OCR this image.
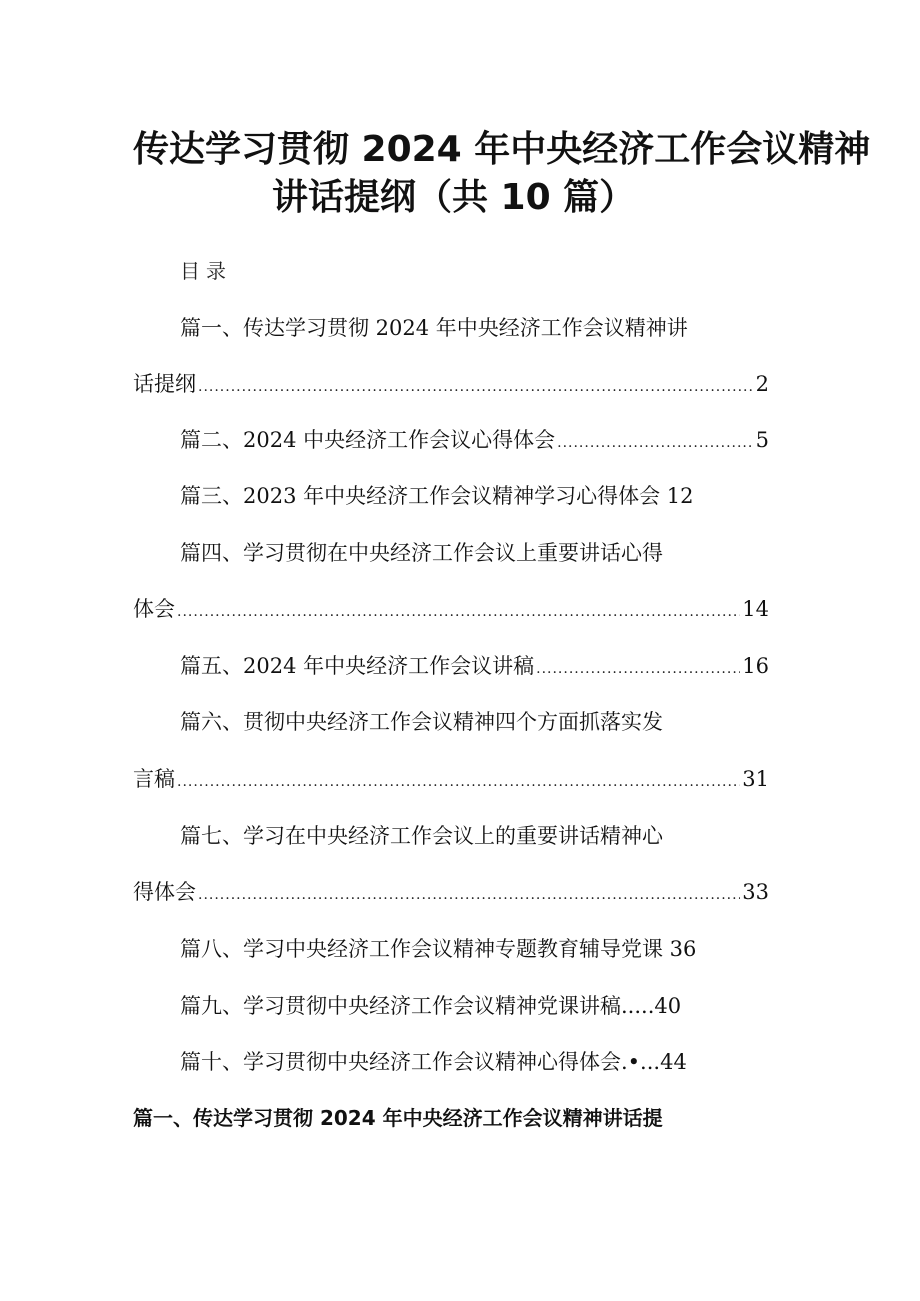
传达学习贯彻 2024 年中央经济工作会议精神
讲话提纲（共 10 篇）
目录
篇一、传达学习贯彻 2024 年中央经济工作会议精神讲
话提纲 .....	2
篇二、2024 中央经济工作会议心得体会 .....	5
篇三、2023 年中央经济工作会议精神学习心得体会 12
篇四、学习贯彻在中央经济工作会议上重要讲话心得
体会 .....	14
篇五、2024 年中央经济工作会议讲稿 .....	16
篇六、贯彻中央经济工作会议精神四个方面抓落实发
言稿 .....	31
篇七、学习在中央经济工作会议上的重要讲话精神心
得体会 .....	33
篇八、学习中央经济工作会议精神专题教育辅导党课 36
篇九、学习贯彻中央经济工作会议精神党课讲稿.....40
篇十、学习贯彻中央经济工作会议精神心得体会.•...44
篇一、传达学习贯彻 2024 年中央经济工作会议精神讲话提
